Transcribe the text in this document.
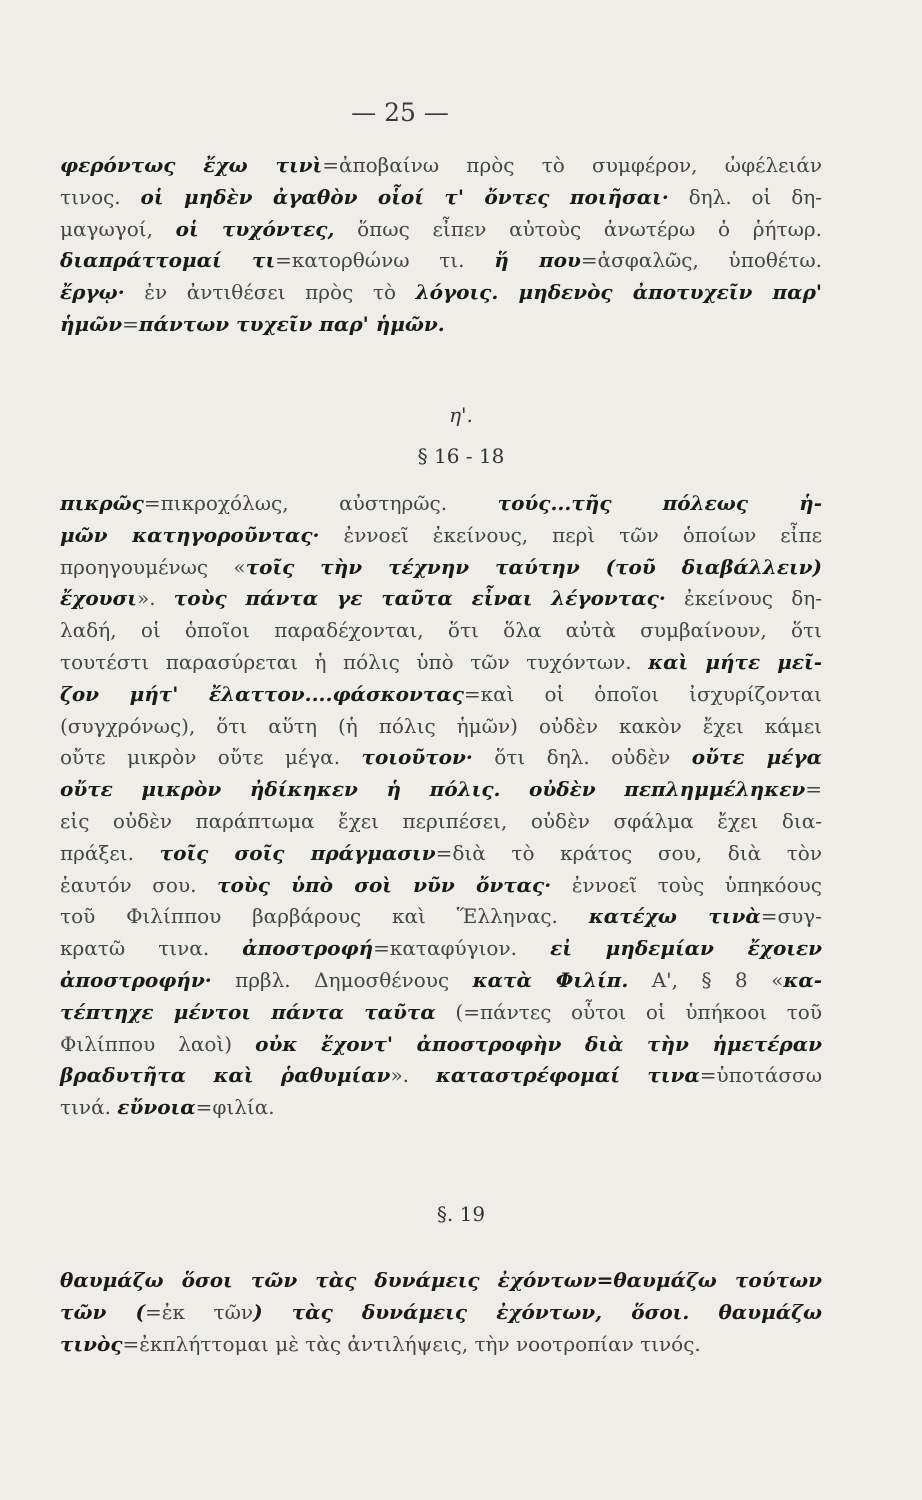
— 25 —
φερόντως ἔχω τινὶ=ἀποβαίνω πρὸς τὸ συμφέρον, ὠφέλειάν
τινος. οἱ μηδὲν ἀγαθὸν οἷοί τ' ὄντες ποιῆσαι· δηλ. οἱ δη-
μαγωγοί, οἱ τυχόντες, ὅπως εἶπεν αὐτοὺς ἀνωτέρω ὁ ῥήτωρ.
διαπράττομαί τι=κατορθώνω τι. ἥ που=ἀσφαλῶς, ὑποθέτω.
ἔργῳ· ἐν ἀντιθέσει πρὸς τὸ λόγοις. μηδενὸς ἀποτυχεῖν παρ'
ἡμῶν=πάντων τυχεῖν παρ' ἡμῶν.
η'.
§ 16 - 18
πικρῶς=πικροχόλως, αὐστηρῶς. τούς...τῆς πόλεως ἡ-
μῶν κατηγοροῦντας· ἐννοεῖ ἐκείνους, περὶ τῶν ὁποίων εἶπε
προηγουμένως «τοῖς τὴν τέχνην ταύτην (τοῦ διαβάλλειν)
ἔχουσι». τοὺς πάντα γε ταῦτα εἶναι λέγοντας· ἐκείνους δη-
λαδή, οἱ ὁποῖοι παραδέχονται, ὅτι ὅλα αὐτὰ συμβαίνουν, ὅτι
τουτέστι παρασύρεται ἡ πόλις ὑπὸ τῶν τυχόντων. καὶ μήτε μεῖ-
ζον μήτ' ἔλαττον....φάσκοντας=καὶ οἱ ὁποῖοι ἰσχυρίζονται
(συγχρόνως), ὅτι αὕτη (ἡ πόλις ἡμῶν) οὐδὲν κακὸν ἔχει κάμει
οὔτε μικρὸν οὔτε μέγα. τοιοῦτον· ὅτι δηλ. οὐδὲν οὔτε μέγα
οὔτε μικρὸν ἠδίκηκεν ἡ πόλις. οὐδὲν πεπλημμέληκεν=
εἰς οὐδὲν παράπτωμα ἔχει περιπέσει, οὐδὲν σφάλμα ἔχει δια-
πράξει. τοῖς σοῖς πράγμασιν=διὰ τὸ κράτος σου, διὰ τὸν
ἑαυτόν σου. τοὺς ὑπὸ σοὶ νῦν ὄντας· ἐννοεῖ τοὺς ὑπηκόους
τοῦ Φιλίππου βαρβάρους καὶ Ἕλληνας. κατέχω τινὰ=συγ-
κρατῶ τινα. ἀποστροφή=καταφύγιον. εἰ μηδεμίαν ἔχοιεν
ἀποστροφήν· πρβλ. Δημοσθένους κατὰ Φιλίπ. Α', § 8 «κα-
τέπτηχε μέντοι πάντα ταῦτα (=πάντες οὗτοι οἱ ὑπήκοοι τοῦ
Φιλίππου λαοὶ) οὐκ ἔχοντ' ἀποστροφὴν διὰ τὴν ἡμετέραν
βραδυτῆτα καὶ ῥαθυμίαν». καταστρέφομαί τινα=ὑποτάσσω
τινά. εὔνοια=φιλία.
§. 19
θαυμάζω ὅσοι τῶν τὰς δυνάμεις ἐχόντων=θαυμάζω τούτων
τῶν (=ἐκ τῶν) τὰς δυνάμεις ἐχόντων, ὅσοι. θαυμάζω
τινὸς=ἐκπλήττομαι μὲ τὰς ἀντιλήψεις, τὴν νοοτροπίαν τινός.
